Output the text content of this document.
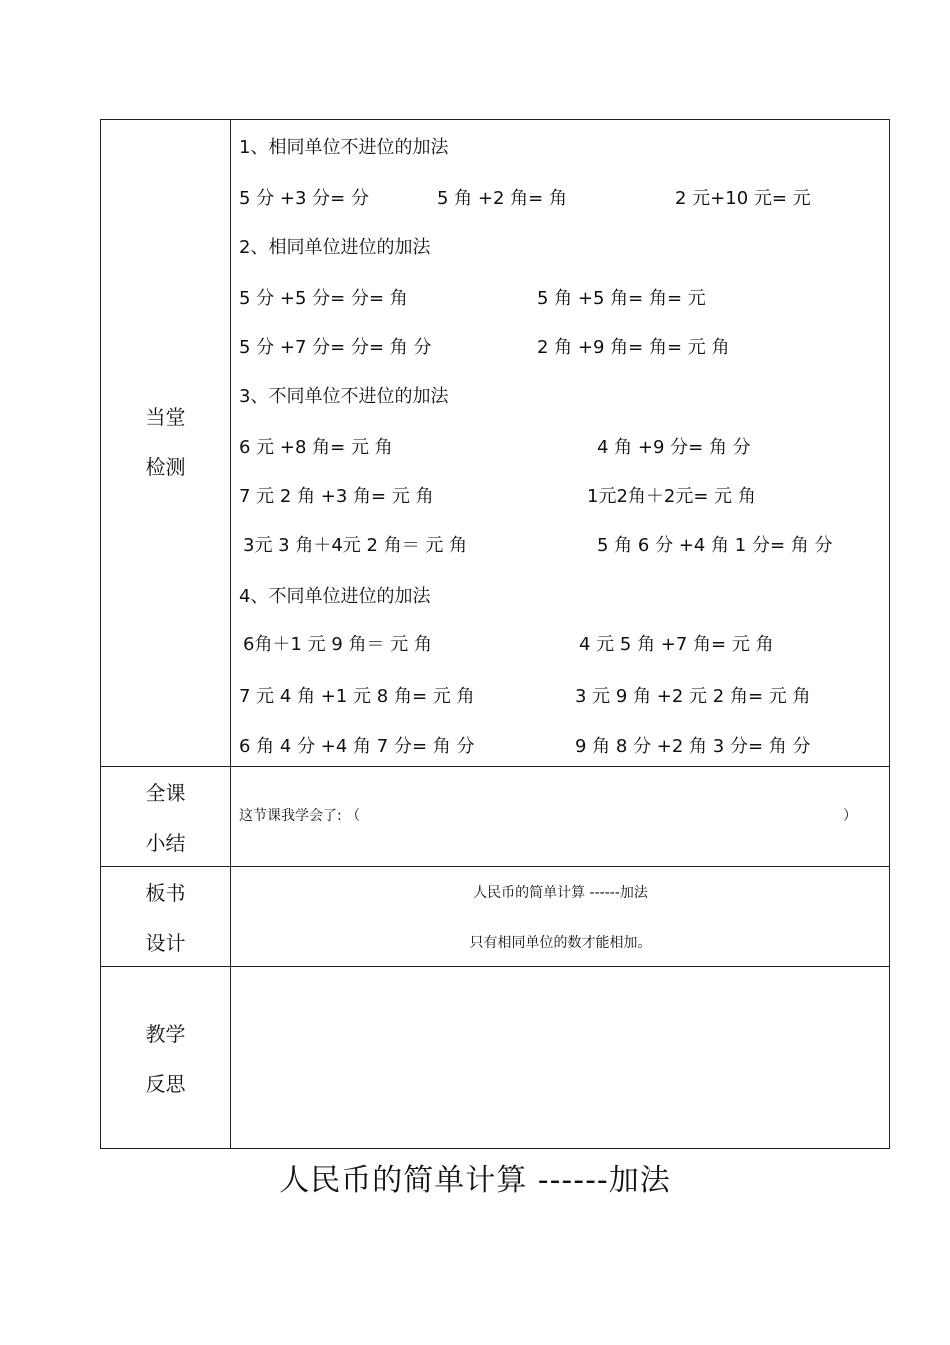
当堂
检测
1、相同单位不进位的加法
5 分 +3 分= 分	5 角 +2 角= 角	2 元+10 元= 元
2、相同单位进位的加法
5 分 +5 分= 分= 角	5 角 +5 角= 角= 元
5 分 +7 分= 分= 角 分	2 角 +9 角= 角= 元 角
3、不同单位不进位的加法
6 元 +8 角= 元 角	4 角 +9 分= 角 分
7 元 2 角 +3 角= 元 角	1元2角＋2元= 元 角
3元 3 角＋4元 2 角＝ 元 角	5 角 6 分 +4 角 1 分= 角 分
4、不同单位进位的加法
6角＋1 元 9 角＝ 元 角	4 元 5 角 +7 角= 元 角
7 元 4 角 +1 元 8 角= 元 角	3 元 9 角 +2 元 2 角= 元 角
6 角 4 分 +4 角 7 分= 角 分	9 角 8 分 +2 角 3 分= 角 分
全课
小结
这节课我学会了: （	）
板书
设计
人民币的简单计算 ------加法
只有相同单位的数才能相加。
教学
反思
人民币的简单计算 ------加法
